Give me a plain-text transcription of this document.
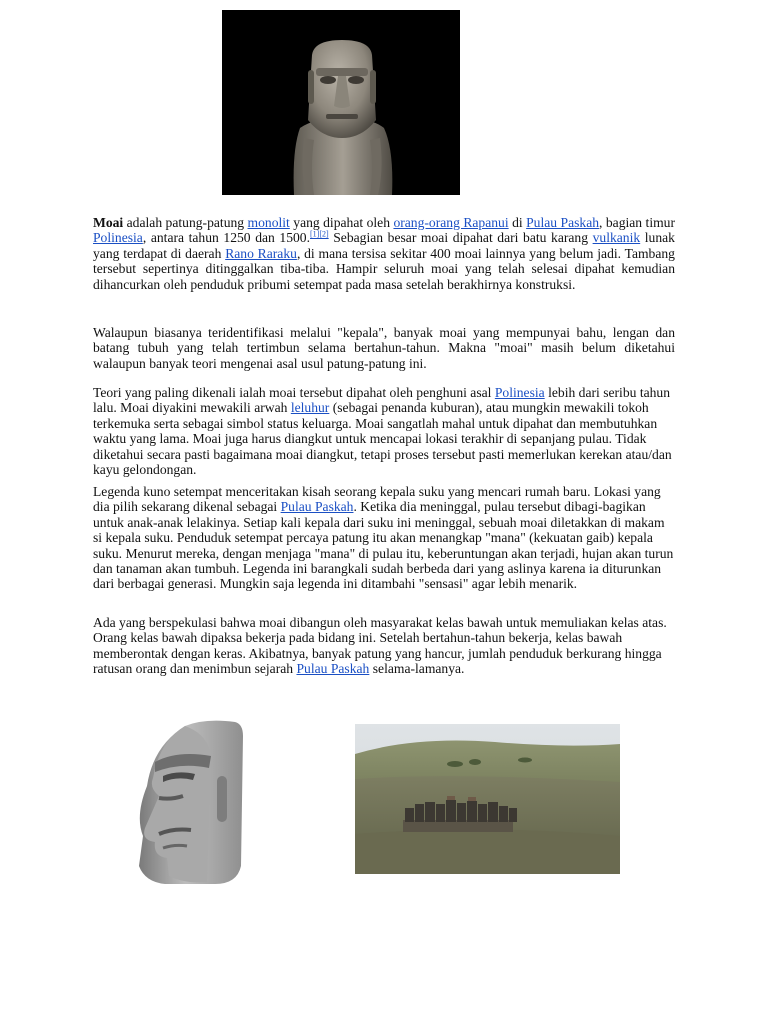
Moai adalah patung-patung monolit yang dipahat oleh orang-orang Rapanui di Pulau Paskah, bagian timur Polinesia, antara tahun 1250 dan 1500.[1][2] Sebagian besar moai dipahat dari batu karang vulkanik lunak yang terdapat di daerah Rano Raraku, di mana tersisa sekitar 400 moai lainnya yang belum jadi. Tambang tersebut sepertinya ditinggalkan tiba-tiba. Hampir seluruh moai yang telah selesai dipahat kemudian dihancurkan oleh penduduk pribumi setempat pada masa setelah berakhirnya konstruksi.

Walaupun biasanya teridentifikasi melalui "kepala", banyak moai yang mempunyai bahu, lengan dan batang tubuh yang telah tertimbun selama bertahun-tahun. Makna "moai" masih belum diketahui walaupun banyak teori mengenai asal usul patung-patung ini.

Teori yang paling dikenali ialah moai tersebut dipahat oleh penghuni asal Polinesia lebih dari seribu tahun lalu. Moai diyakini mewakili arwah leluhur (sebagai penanda kuburan), atau mungkin mewakili tokoh terkemuka serta sebagai simbol status keluarga. Moai sangatlah mahal untuk dipahat dan membutuhkan waktu yang lama. Moai juga harus diangkut untuk mencapai lokasi terakhir di sepanjang pulau. Tidak diketahui secara pasti bagaimana moai diangkut, tetapi proses tersebut pasti memerlukan kerekan atau/dan kayu gelondongan.

Legenda kuno setempat menceritakan kisah seorang kepala suku yang mencari rumah baru. Lokasi yang dia pilih sekarang dikenal sebagai Pulau Paskah. Ketika dia meninggal, pulau tersebut dibagi-bagikan untuk anak-anak lelakinya. Setiap kali kepala dari suku ini meninggal, sebuah moai diletakkan di makam si kepala suku. Penduduk setempat percaya patung itu akan menangkap "mana" (kekuatan gaib) kepala suku. Menurut mereka, dengan menjaga "mana" di pulau itu, keberuntungan akan terjadi, hujan akan turun dan tanaman akan tumbuh. Legenda ini barangkali sudah berbeda dari yang aslinya karena ia diturunkan dari berbagai generasi. Mungkin saja legenda ini ditambahi "sensasi" agar lebih menarik.

Ada yang berspekulasi bahwa moai dibangun oleh masyarakat kelas bawah untuk memuliakan kelas atas. Orang kelas bawah dipaksa bekerja pada bidang ini. Setelah bertahun-tahun bekerja, kelas bawah memberontak dengan keras. Akibatnya, banyak patung yang hancur, jumlah penduduk berkurang hingga ratusan orang dan menimbun sejarah Pulau Paskah selama-lamanya.
